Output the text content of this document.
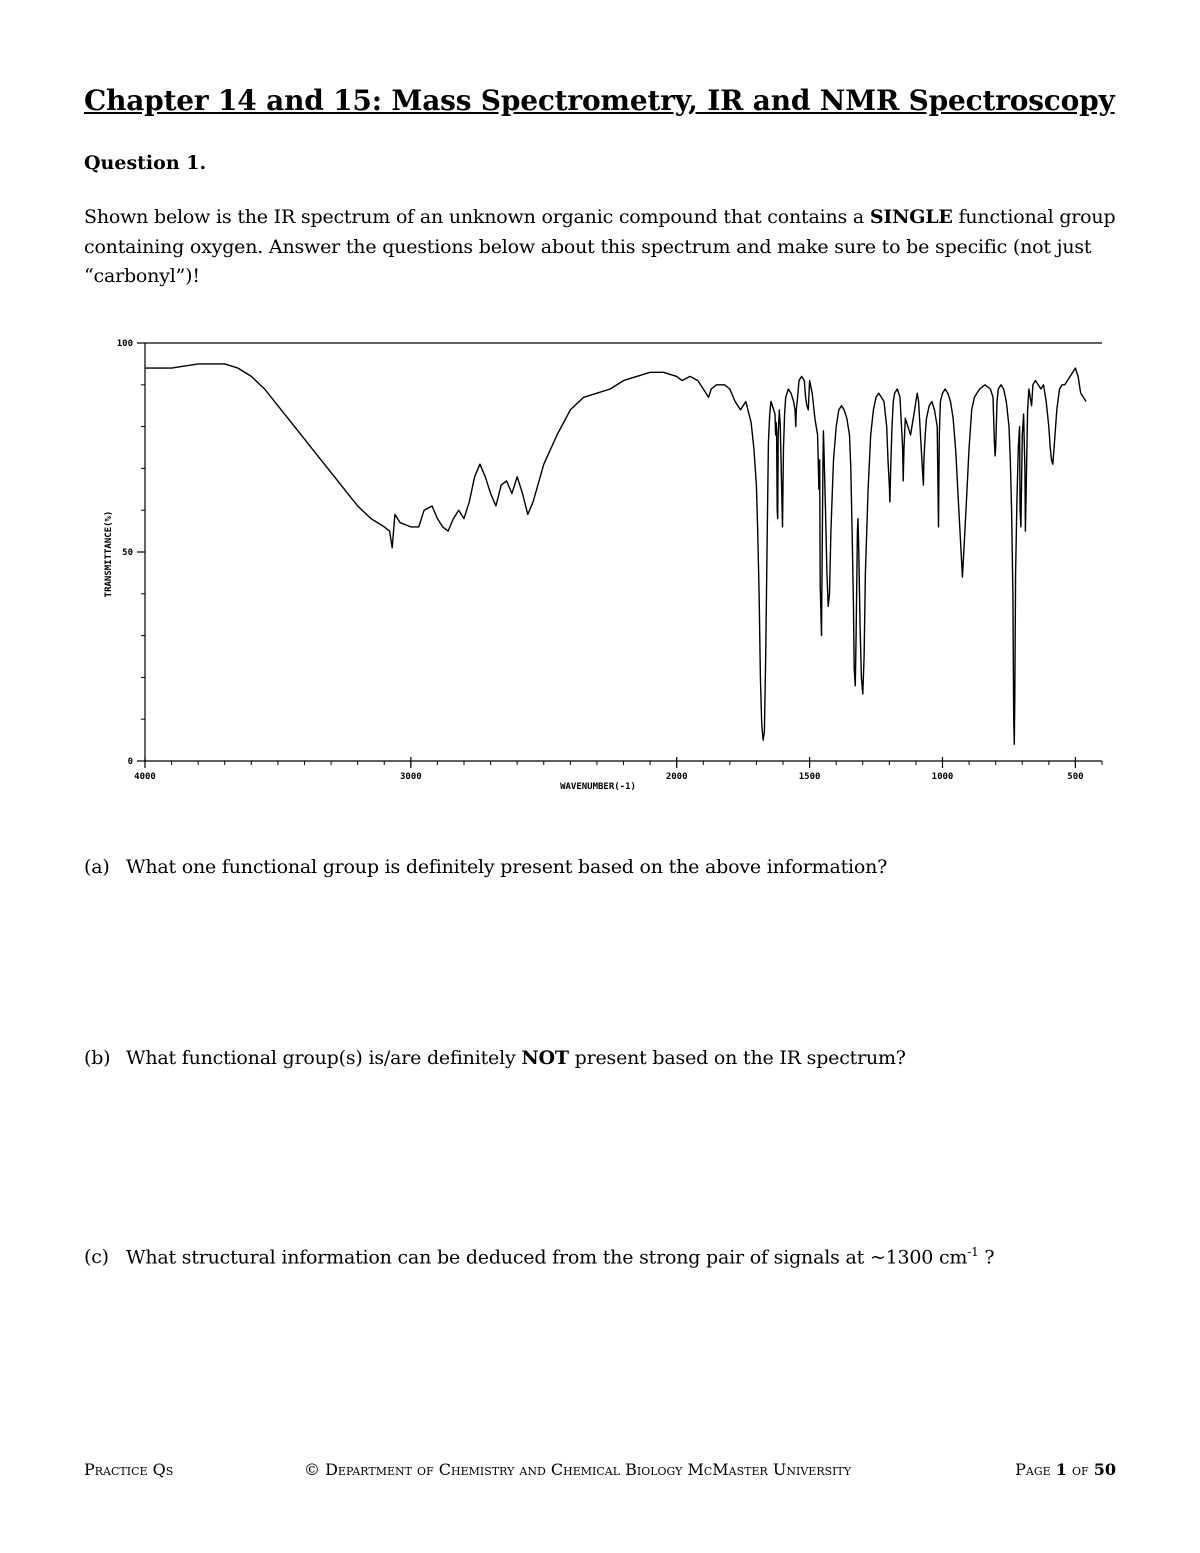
Chapter 14 and 15: Mass Spectrometry, IR and NMR Spectroscopy
Question 1.
Shown below is the IR spectrum of an unknown organic compound that contains a SINGLE functional group containing oxygen. Answer the questions below about this spectrum and make sure to be specific (not just “carbonyl”)!
4000	3000	2000	1500	1000	500
100
50
0
WAVENUMBER(-1)
TRANSMITTANCE(%)
(a) What one functional group is definitely present based on the above information?
(b) What functional group(s) is/are definitely NOT present based on the IR spectrum?
(c) What structural information can be deduced from the strong pair of signals at ~1300 $cm^{-1}$ ?
Practice Qs	© Department of Chemistry and Chemical Biology McMaster University	Page 1 of 50
